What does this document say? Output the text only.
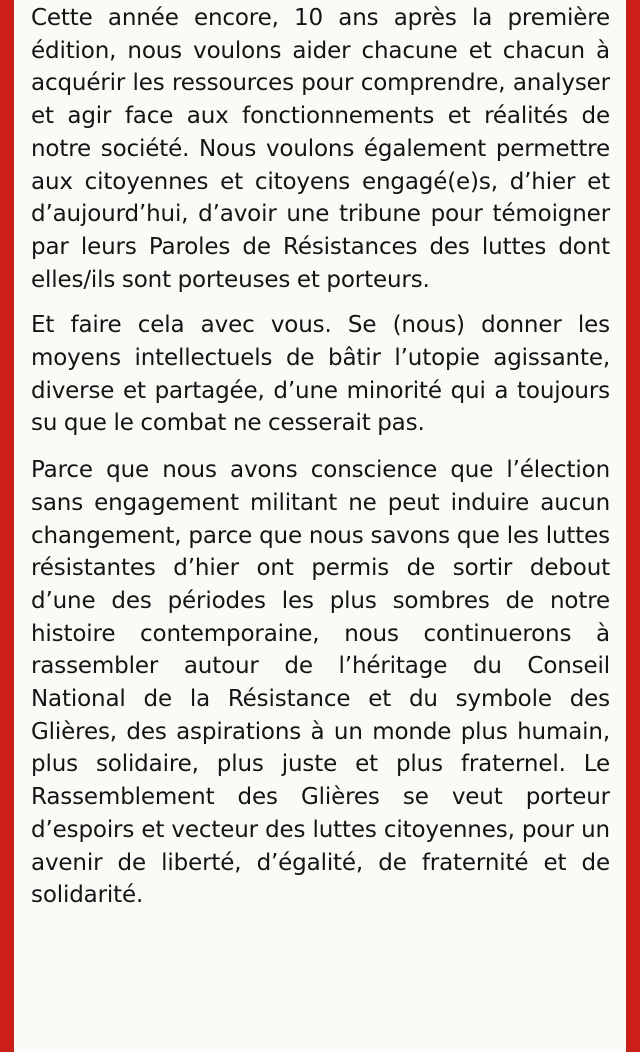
Cette année encore, 10 ans après la première édition, nous voulons aider chacune et chacun à acquérir les ressources pour comprendre, analyser et agir face aux fonctionnements et réalités de notre société. Nous voulons également permettre aux citoyennes et citoyens engagé(e)s, d’hier et d’aujourd’hui, d’avoir une tribune pour témoigner par leurs Paroles de Résistances des luttes dont elles/ils sont porteuses et porteurs.

Et faire cela avec vous. Se (nous) donner les moyens intellectuels de bâtir l’utopie agissante, diverse et partagée, d’une minorité qui a toujours su que le combat ne cesserait pas.

Parce que nous avons conscience que l’élection sans engagement militant ne peut induire aucun changement, parce que nous savons que les luttes résistantes d’hier ont permis de sortir debout d’une des périodes les plus sombres de notre histoire contemporaine, nous continuerons à rassembler autour de l’héritage du Conseil National de la Résistance et du symbole des Glières, des aspirations à un monde plus humain, plus solidaire, plus juste et plus fraternel. Le Rassemblement des Glières se veut porteur d’espoirs et vecteur des luttes citoyennes, pour un avenir de liberté, d’égalité, de fraternité et de solidarité.
